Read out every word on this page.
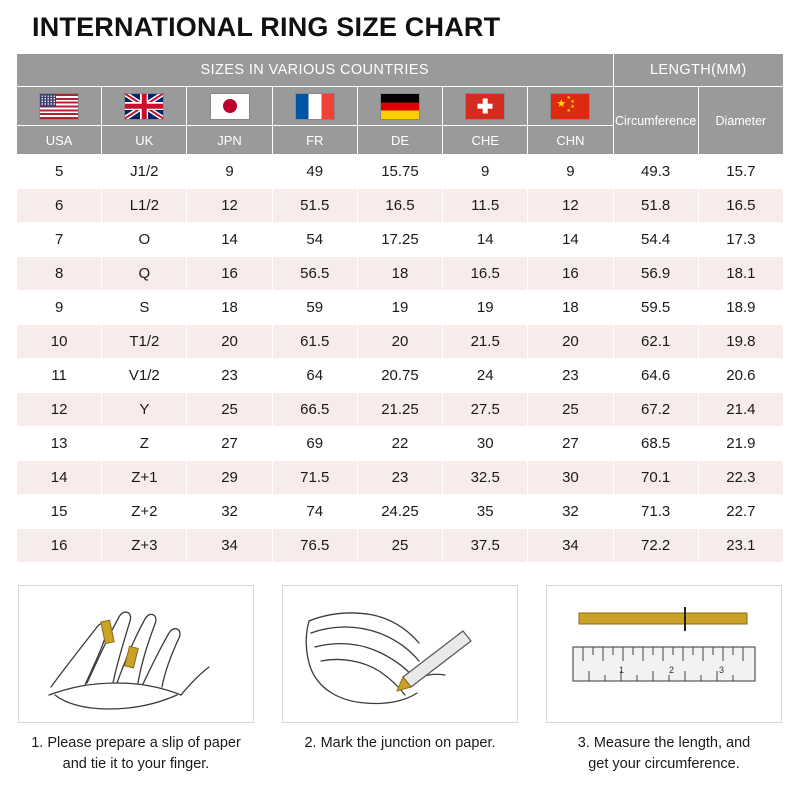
INTERNATIONAL RING SIZE CHART
SIZES IN VARIOUS COUNTRIES							LENGTH(MM)	

						★ ★
★
★
★	Circumference	Diameter
USA	UK	JPN	FR	DE	CHE	CHN		
5	J1/2	9	49	15.75	9	9	49.3	15.7
6	L1/2	12	51.5	16.5	11.5	12	51.8	16.5
7	O	14	54	17.25	14	14	54.4	17.3
8	Q	16	56.5	18	16.5	16	56.9	18.1
9	S	18	59	19	19	18	59.5	18.9
10	T1/2	20	61.5	20	21.5	20	62.1	19.8
11	V1/2	23	64	20.75	24	23	64.6	20.6
12	Y	25	66.5	21.25	27.5	25	67.2	21.4
13	Z	27	69	22	30	27	68.5	21.9
14	Z+1	29	71.5	23	32.5	30	70.1	22.3
15	Z+2	32	74	24.25	35	32	71.3	22.7
16	Z+3	34	76.5	25	37.5	34	72.2	23.1
1. Please prepare a slip of paper
and tie it to your finger.
2. Mark the junction on paper.
1	2	3
3. Measure the length, and
get your circumference.
